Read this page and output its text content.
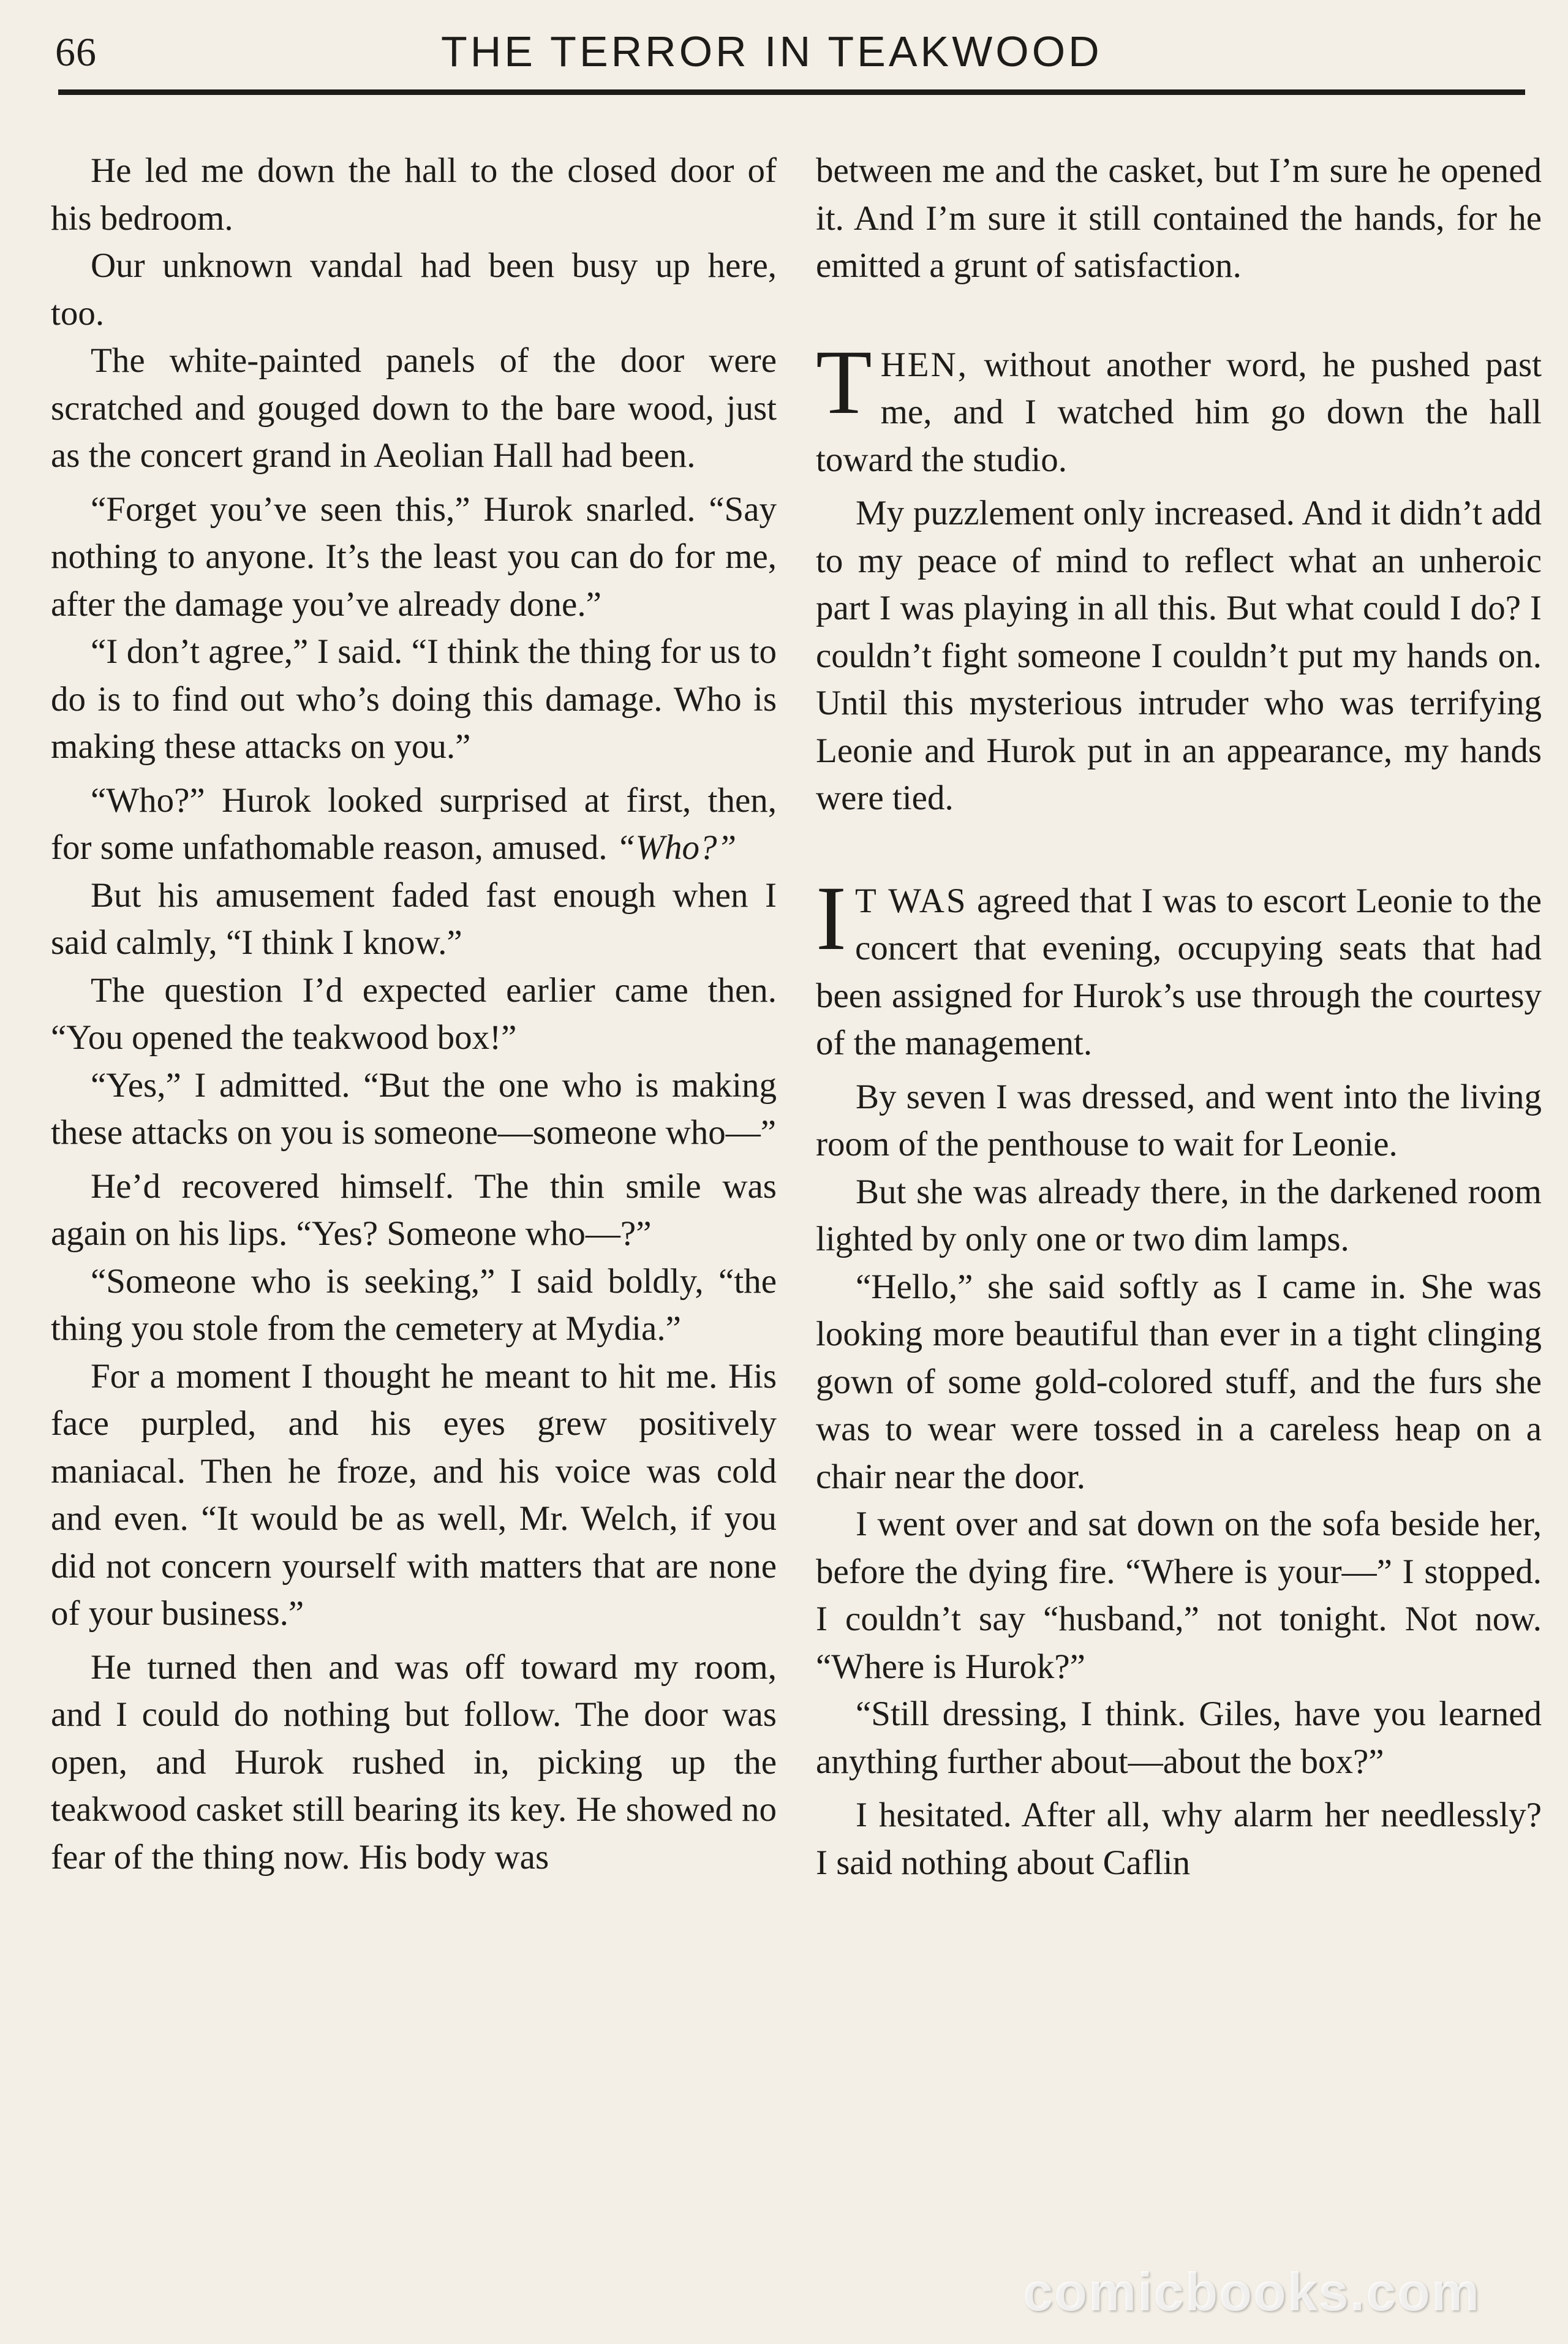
66	THE TERROR IN TEAKWOOD

He led me down the hall to the closed door of his bedroom.

Our unknown vandal had been busy up here, too.

The white-painted panels of the door were scratched and gouged down to the bare wood, just as the concert grand in Aeolian Hall had been.

“Forget you’ve seen this,” Hurok snarled. “Say nothing to anyone. It’s the least you can do for me, after the damage you’ve already done.”

“I don’t agree,” I said. “I think the thing for us to do is to find out who’s doing this damage. Who is making these attacks on you.”

“Who?” Hurok looked surprised at first, then, for some unfathomable reason, amused. “Who?”

But his amusement faded fast enough when I said calmly, “I think I know.”

The question I’d expected earlier came then. “You opened the teakwood box!”

“Yes,” I admitted. “But the one who is making these attacks on you is someone—someone who—”

He’d recovered himself. The thin smile was again on his lips. “Yes? Someone who—?”

“Someone who is seeking,” I said boldly, “the thing you stole from the cemetery at Mydia.”

For a moment I thought he meant to hit me. His face purpled, and his eyes grew positively maniacal. Then he froze, and his voice was cold and even. “It would be as well, Mr. Welch, if you did not concern yourself with matters that are none of your business.”

He turned then and was off toward my room, and I could do nothing but follow. The door was open, and Hurok rushed in, picking up the teakwood casket still bearing its key. He showed no fear of the thing now. His body was

between me and the casket, but I’m sure he opened it. And I’m sure it still contained the hands, for he emitted a grunt of satisfaction.

THEN, without another word, he pushed past me, and I watched him go down the hall toward the studio.

My puzzlement only increased. And it didn’t add to my peace of mind to reflect what an unheroic part I was playing in all this. But what could I do? I couldn’t fight someone I couldn’t put my hands on. Until this mysterious intruder who was terrifying Leonie and Hurok put in an appearance, my hands were tied.

I T WAS agreed that I was to escort Leonie to the concert that evening, occupying seats that had been assigned for Hurok’s use through the courtesy of the management.

By seven I was dressed, and went into the living room of the penthouse to wait for Leonie.

But she was already there, in the darkened room lighted by only one or two dim lamps.

“Hello,” she said softly as I came in. She was looking more beautiful than ever in a tight clinging gown of some gold-colored stuff, and the furs she was to wear were tossed in a careless heap on a chair near the door.

I went over and sat down on the sofa beside her, before the dying fire. “Where is your—” I stopped. I couldn’t say “husband,” not tonight. Not now. “Where is Hurok?”

“Still dressing, I think. Giles, have you learned anything further about—about the box?”

I hesitated. After all, why alarm her needlessly? I said nothing about Caflin

comicbooks.com
